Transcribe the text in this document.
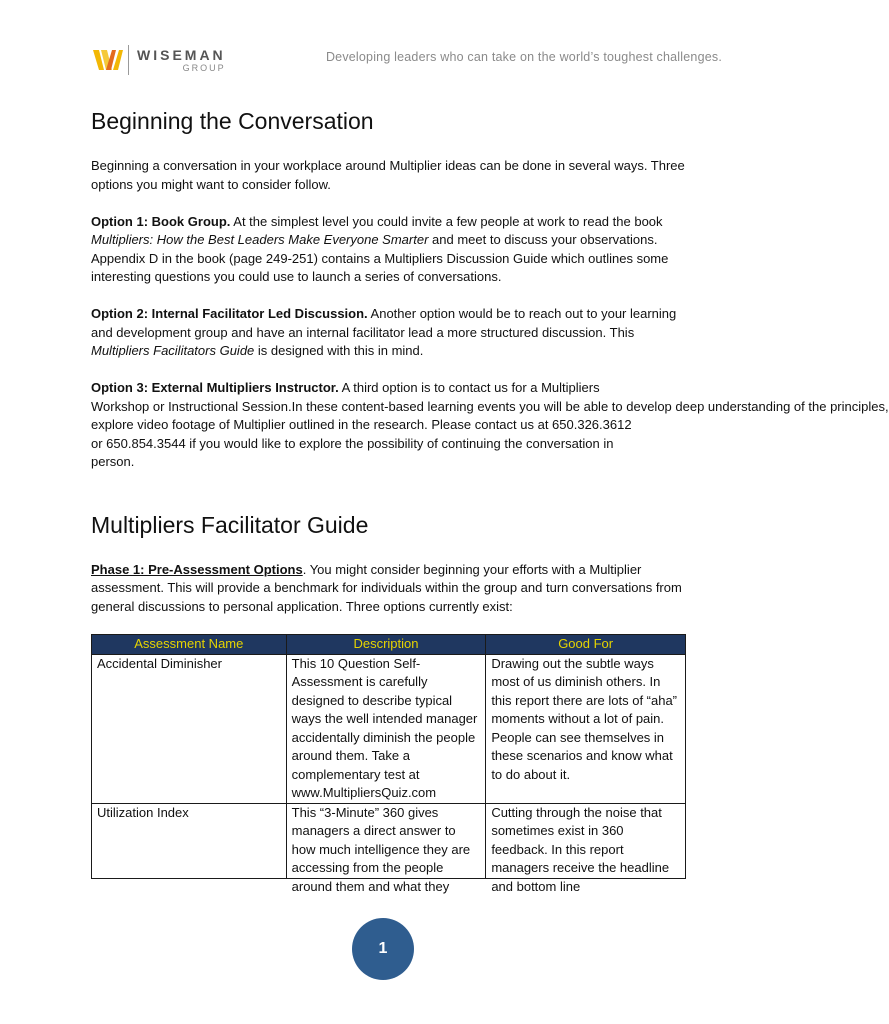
WISEMAN
GROUP
Developing leaders who can take on the world’s toughest challenges.
Beginning the Conversation

Beginning a conversation in your workplace around Multiplier ideas can be done in several ways. Three options you might want to consider follow.

Option 1: Book Group. At the simplest level you could invite a few people at work to read the book Multipliers: How the Best Leaders Make Everyone Smarter and meet to discuss your observations. Appendix D in the book (page 249-251) contains a Multipliers Discussion Guide which outlines some interesting questions you could use to launch a series of conversations.

Option 2: Internal Facilitator Led Discussion. Another option would be to reach out to your learning and development group and have an internal facilitator lead a more structured discussion. This Multipliers Facilitators Guide is designed with this in mind.

Option 3: External Multipliers Instructor. A third option is to contact us for a Multipliers
Workshop or Instructional Session.In these content-based learning events you will be able to develop deep understanding of the principles,
explore video footage of Multiplier outlined in the research. Please contact us at 650.326.3612
or 650.854.3544 if you would like to explore the possibility of continuing the conversation in
person.

Multipliers Facilitator Guide

Phase 1: Pre-Assessment Options. You might consider beginning your efforts with a Multiplier assessment. This will provide a benchmark for individuals within the group and turn conversations from general discussions to personal application. Three options currently exist:

Assessment Name	Description	Good For
Accidental Diminisher	This 10 Question Self-Assessment is carefully designed to describe typical ways the well intended manager accidentally diminish the people around them. Take a complementary test at www.MultipliersQuiz.com	Drawing out the subtle ways most of us diminish others. In this report there are lots of “aha” moments without a lot of pain. People can see themselves in these scenarios and know what to do about it.

Utilization Index	This “3-Minute” 360 gives managers a direct answer to how much intelligence they are accessing from the people around them and what they	Cutting through the noise that sometimes exist in 360 feedback. In this report managers receive the headline and bottom line
1
